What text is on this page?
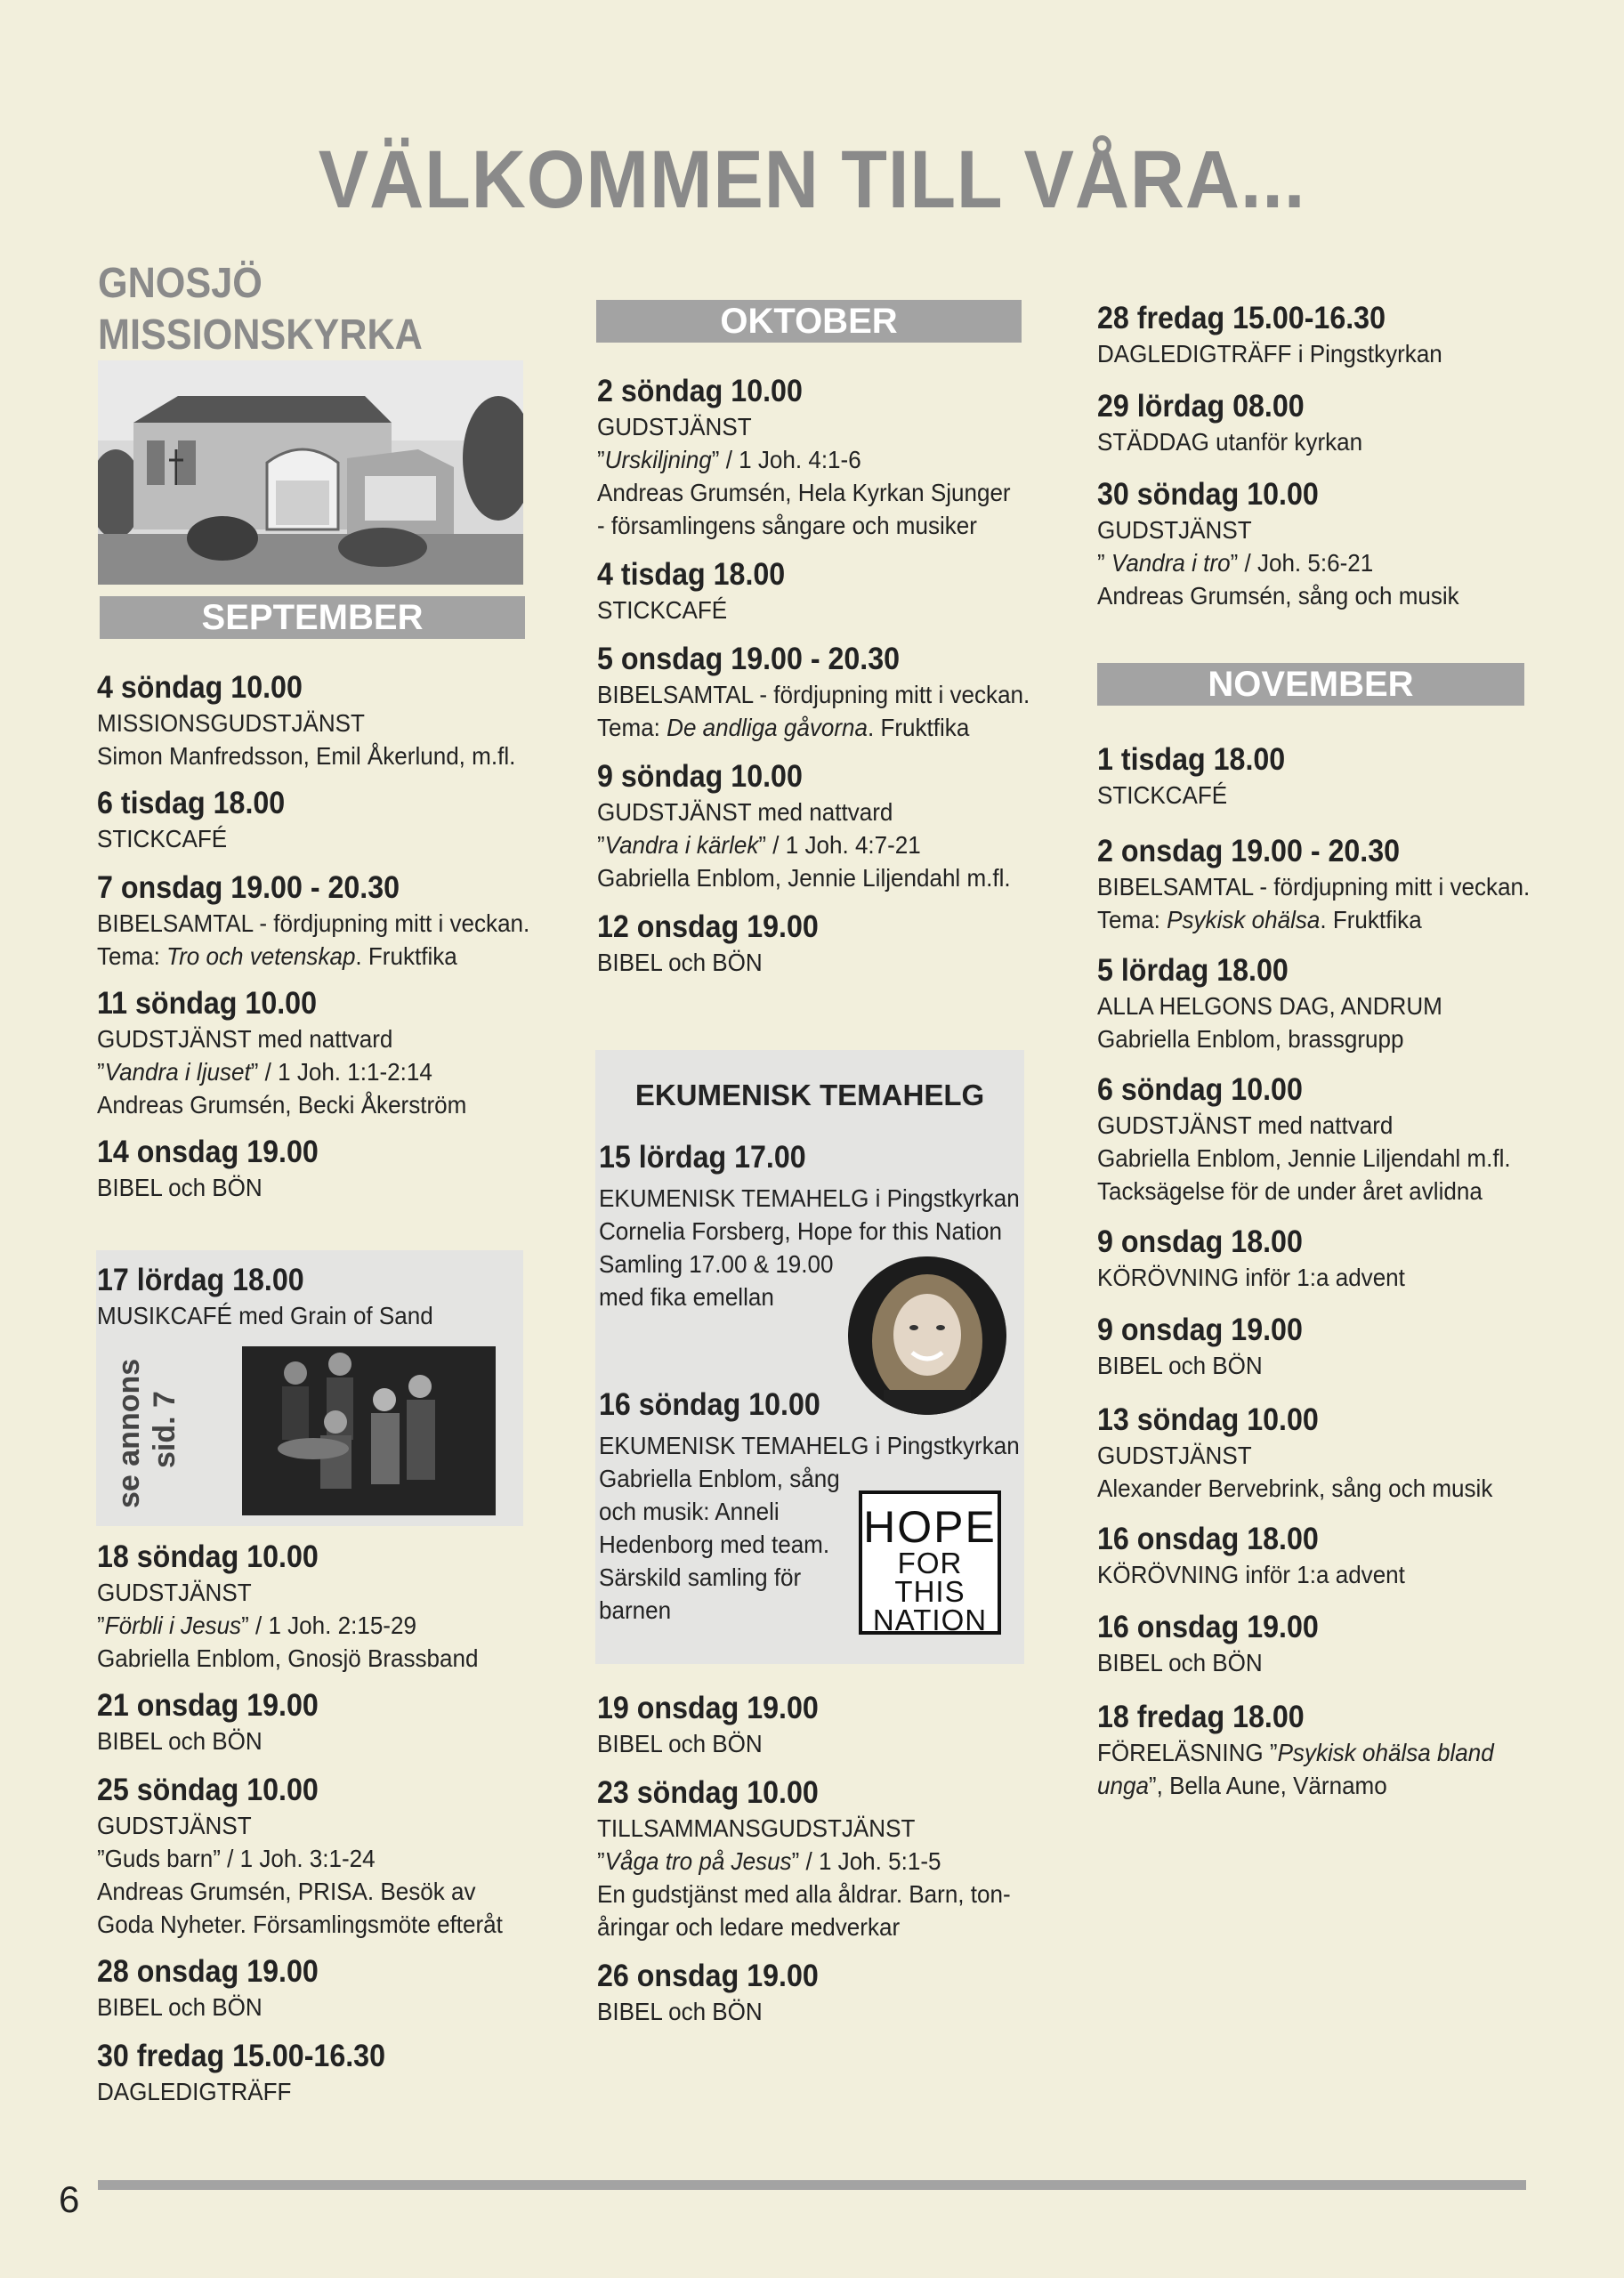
VÄLKOMMEN TILL VÅRA...
GNOSJÖ
MISSIONSKYRKA
SEPTEMBER
OKTOBER
NOVEMBER

4 söndag 10.00

MISSIONSGUDSTJÄNST

Simon Manfredsson, Emil Åkerlund, m.fl.

6 tisdag 18.00

STICKCAFÉ

7 onsdag 19.00 - 20.30

BIBELSAMTAL - fördjupning mitt i veckan.

Tema: Tro och vetenskap. Fruktfika

11 söndag 10.00

GUDSTJÄNST med nattvard

”Vandra i ljuset” / 1 Joh. 1:1-2:14

Andreas Grumsén, Becki Åkerström

14 onsdag 19.00

BIBEL och BÖN

17 lördag 18.00

MUSIKCAFÉ med Grain of Sand

se annons sid. 7

18 söndag 10.00

GUDSTJÄNST

”Förbli i Jesus” / 1 Joh. 2:15-29

Gabriella Enblom, Gnosjö Brassband

21 onsdag 19.00

BIBEL och BÖN

25 söndag 10.00

GUDSTJÄNST

”Guds barn” / 1 Joh. 3:1-24

Andreas Grumsén, PRISA. Besök av

Goda Nyheter. Församlingsmöte efteråt

28 onsdag 19.00

BIBEL och BÖN

30 fredag 15.00-16.30

DAGLEDIGTRÄFF

2 söndag 10.00

GUDSTJÄNST

”Urskiljning” / 1 Joh. 4:1-6

Andreas Grumsén, Hela Kyrkan Sjunger

- församlingens sångare och musiker

4 tisdag 18.00

STICKCAFÉ

5 onsdag 19.00 - 20.30

BIBELSAMTAL - fördjupning mitt i veckan.

Tema: De andliga gåvorna. Fruktfika

9 söndag 10.00

GUDSTJÄNST med nattvard

”Vandra i kärlek” / 1 Joh. 4:7-21

Gabriella Enblom, Jennie Liljendahl m.fl.

12 onsdag 19.00

BIBEL och BÖN

EKUMENISK TEMAHELG

15 lördag 17.00

EKUMENISK TEMAHELG i Pingstkyrkan

Cornelia Forsberg, Hope for this Nation

Samling 17.00 & 19.00

med fika emellan

16 söndag 10.00

EKUMENISK TEMAHELG i Pingstkyrkan

Gabriella Enblom, sång

och musik: Anneli

Hedenborg med team.

Särskild samling för

barnen

HOPE
FOR THIS
NATION

19 onsdag 19.00

BIBEL och BÖN

23 söndag 10.00

TILLSAMMANSGUDSTJÄNST

”Våga tro på Jesus” / 1 Joh. 5:1-5

En gudstjänst med alla åldrar. Barn, ton-

åringar och ledare medverkar

26 onsdag 19.00

BIBEL och BÖN

28 fredag 15.00-16.30

DAGLEDIGTRÄFF i Pingstkyrkan

29 lördag 08.00

STÄDDAG utanför kyrkan

30 söndag 10.00

GUDSTJÄNST

” Vandra i tro” / Joh. 5:6-21

Andreas Grumsén, sång och musik

1 tisdag 18.00

STICKCAFÉ

2 onsdag 19.00 - 20.30

BIBELSAMTAL - fördjupning mitt i veckan.

Tema: Psykisk ohälsa. Fruktfika

5 lördag 18.00

ALLA HELGONS DAG, ANDRUM

Gabriella Enblom, brassgrupp

6 söndag 10.00

GUDSTJÄNST med nattvard

Gabriella Enblom, Jennie Liljendahl m.fl.

Tacksägelse för de under året avlidna

9 onsdag 18.00

KÖRÖVNING inför 1:a advent

9 onsdag 19.00

BIBEL och BÖN

13 söndag 10.00

GUDSTJÄNST

Alexander Bervebrink, sång och musik

16 onsdag 18.00

KÖRÖVNING inför 1:a advent

16 onsdag 19.00

BIBEL och BÖN

18 fredag 18.00

FÖRELÄSNING ”Psykisk ohälsa bland

unga”, Bella Aune, Värnamo

6
